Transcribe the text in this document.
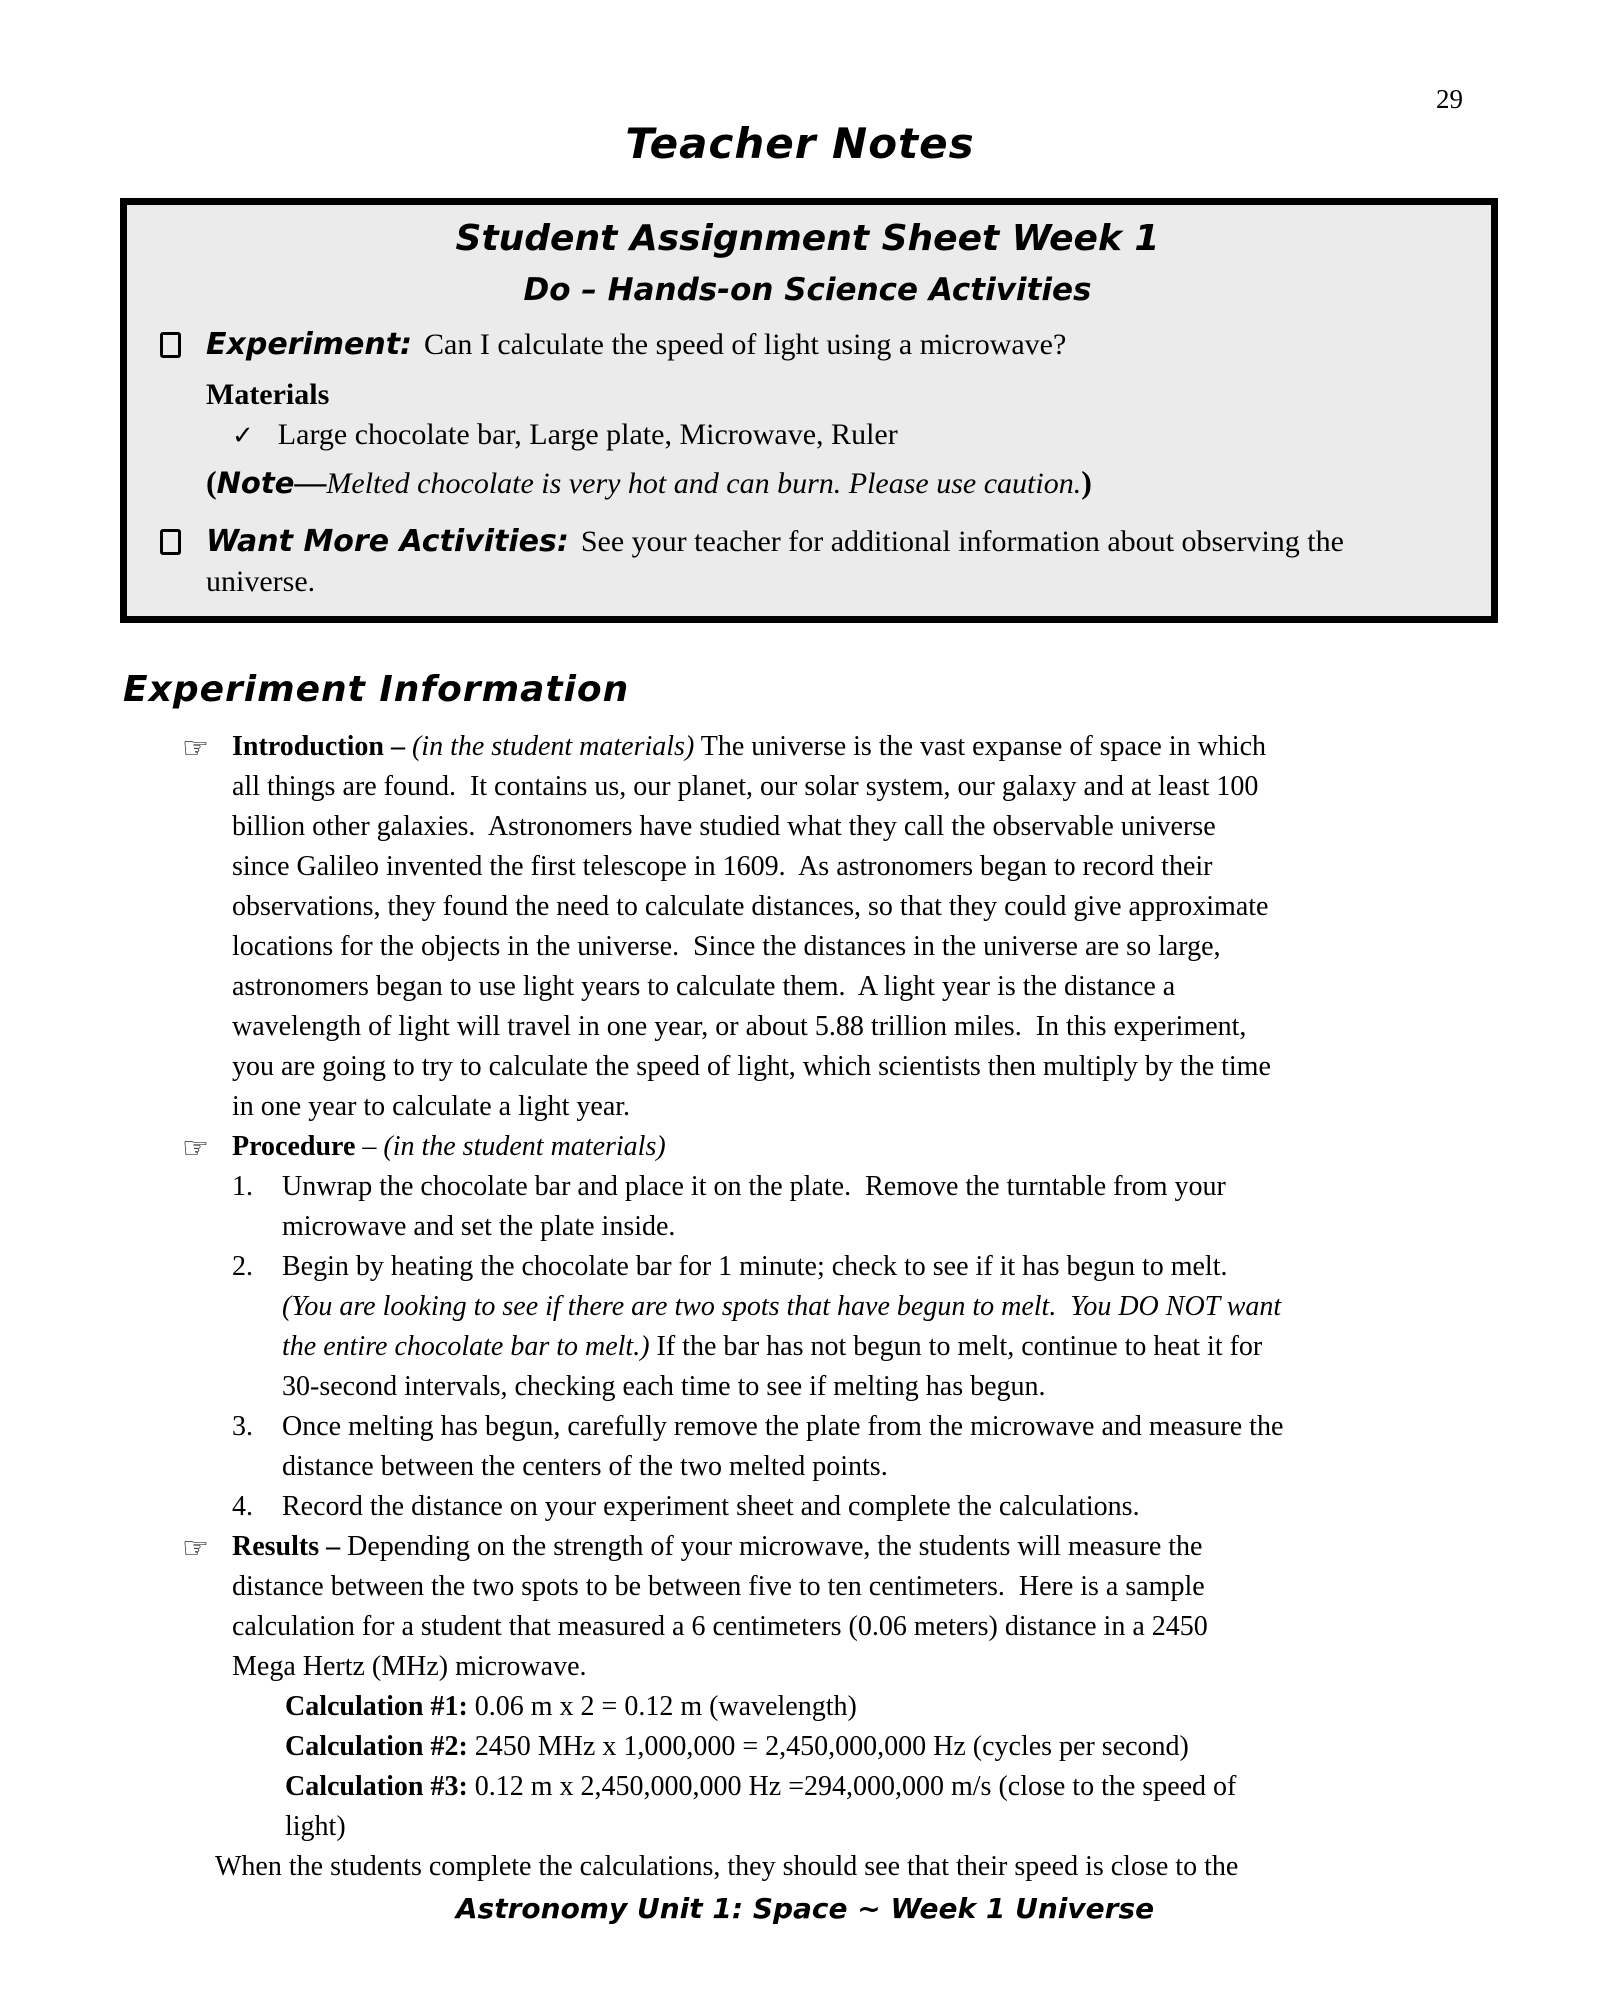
29
Teacher Notes
Student Assignment Sheet Week 1
Do – Hands-on Science Activities
Experiment: Can I calculate the speed of light using a microwave?
Materials
✓ Large chocolate bar, Large plate, Microwave, Ruler
(Note—Melted chocolate is very hot and can burn. Please use caution.)
Want More Activities: See your teacher for additional information about observing the
universe.
Experiment Information
☞ Introduction – (in the student materials) The universe is the vast expanse of space in which
all things are found.  It contains us, our planet, our solar system, our galaxy and at least 100
billion other galaxies.  Astronomers have studied what they call the observable universe
since Galileo invented the first telescope in 1609.  As astronomers began to record their
observations, they found the need to calculate distances, so that they could give approximate
locations for the objects in the universe.  Since the distances in the universe are so large,
astronomers began to use light years to calculate them.  A light year is the distance a
wavelength of light will travel in one year, or about 5.88 trillion miles.  In this experiment,
you are going to try to calculate the speed of light, which scientists then multiply by the time
in one year to calculate a light year.
☞ Procedure – (in the student materials)
1.	Unwrap the chocolate bar and place it on the plate.  Remove the turntable from your
microwave and set the plate inside.
2.	Begin by heating the chocolate bar for 1 minute; check to see if it has begun to melt.
(You are looking to see if there are two spots that have begun to melt.  You DO NOT want
the entire chocolate bar to melt.) If the bar has not begun to melt, continue to heat it for
30-second intervals, checking each time to see if melting has begun.
3.	Once melting has begun, carefully remove the plate from the microwave and measure the
distance between the centers of the two melted points.
4.	Record the distance on your experiment sheet and complete the calculations.
☞ Results – Depending on the strength of your microwave, the students will measure the
distance between the two spots to be between five to ten centimeters.  Here is a sample
calculation for a student that measured a 6 centimeters (0.06 meters) distance in a 2450
Mega Hertz (MHz) microwave.
Calculation #1: 0.06 m x 2 = 0.12 m (wavelength)
Calculation #2: 2450 MHz x 1,000,000 = 2,450,000,000 Hz (cycles per second)
Calculation #3: 0.12 m x 2,450,000,000 Hz =294,000,000 m/s (close to the speed of
light)
When the students complete the calculations, they should see that their speed is close to the
Astronomy Unit 1: Space ~ Week 1 Universe
